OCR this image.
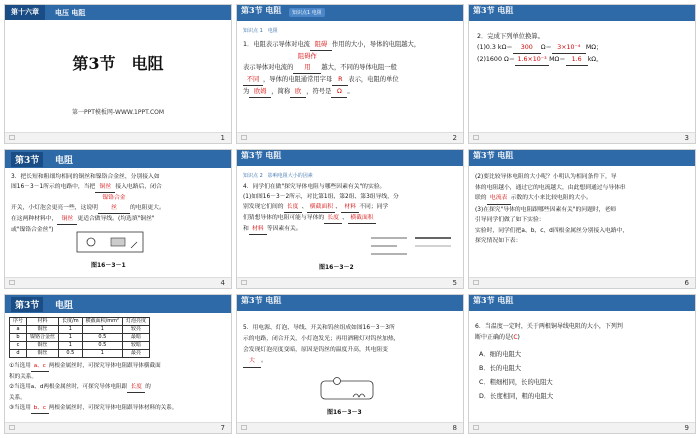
第十六章	电压 电阻
第3节　电阻
第一PPT模板网-WWW.1PPT.COM
☐	1
第3节 电阻	知识点1 电阻
知识点 1　电阻
1．电阻表示导体对电流 阻碍 作用的大小，导体的电阻越大，
表示导体对电流的阻碍作用 越大，不同的导体电阻一般
不同 ，导体的电阻通常用字母 R 表示，电阻的单位
为 欧姆 ，简称 欧 ，符号是 Ω 。
☐	2
第3节 电阻
2．完成下列单位换算。
(1)0.3 kΩ＝ 300 Ω＝ 3×10⁻⁴ MΩ；
(2)1600 Ω＝ 1.6×10⁻³ MΩ＝ 1.6 kΩ。
☐	3
第3节	电阻
3．把长短和粗细均相同的铜丝和镍铬合金丝，分别接入如
图16－3－1所示的电路中，当把 铜丝 接入电路后，闭合
开关，小灯泡会更亮一些，这说明镍铬合金丝 的电阻更大。
在这两种材料中， 铜丝 更适合做导线。(均选填"铜丝"
或"镍铬合金丝")
图16－3－1
☐	4
第3节 电阻
知识点 2　影响电阻大小的因素
4．同学们在做"探究导体电阻与哪些因素有关"的实验。
(1)如图16－3－2所示，对比第1组、第2组、第3组导线，分
别发现它们间的 长度 、 横截面积 、 材料 不同；同学
们猜想导体的电阻可能与导体的 长度 、 横截面积
和 材料 等因素有关。
图16－3－2
☐	5
第3节 电阻
(2)要比较导体电阻的大小呢？小明认为相同条件下，导
体的电阻越小，通过它的电流越大，由此想到通过与导体串
联的 电流表 示数的大小来比较电阻的大小。
(3)在探究"导体的电阻跟哪些因素有关"的问题时，老师
引导同学们做了如下实验：
实验时，同学们把a、b、c、d四根金属丝分别接入电路中，
探究情况如下表：
☐	6
第3节	电阻
序号	材料	长度/m	横截面积/mm²	灯泡亮度
a	铜丝	1	1	较亮
b	镍铬合金丝	1	0.5	最暗
c	铜丝	1	0.5	较暗
d	铜丝	0.5	1	最亮
①当选用 a、c 两根金属丝时，可探究导体电阻跟导体横截面
积的关系。
②当选用a、d两根金属丝时，可探究导体电阻跟 长度 的
关系。
③当选用 b、c 两根金属丝时，可探究导体电阻跟导体材料的关系。
☐	7
第3节 电阻
5．用电源、灯泡、导线、开关和钨丝组成如图16－3－3所
示的电路，闭合开关，小灯泡发光；再用酒精灯对钨丝加热，
会发现灯泡亮度变暗，原因是钨丝的温度升高，其电阻变
大 。
图16－3－3
☐	8
第3节 电阻
6．当温度一定时，关于两根铜导线电阻的大小，下列判
断中正确的是(C)
A．细的电阻大
B．长的电阻大
C．粗细相同，长的电阻大
D．长度相同，粗的电阻大
☐	9
